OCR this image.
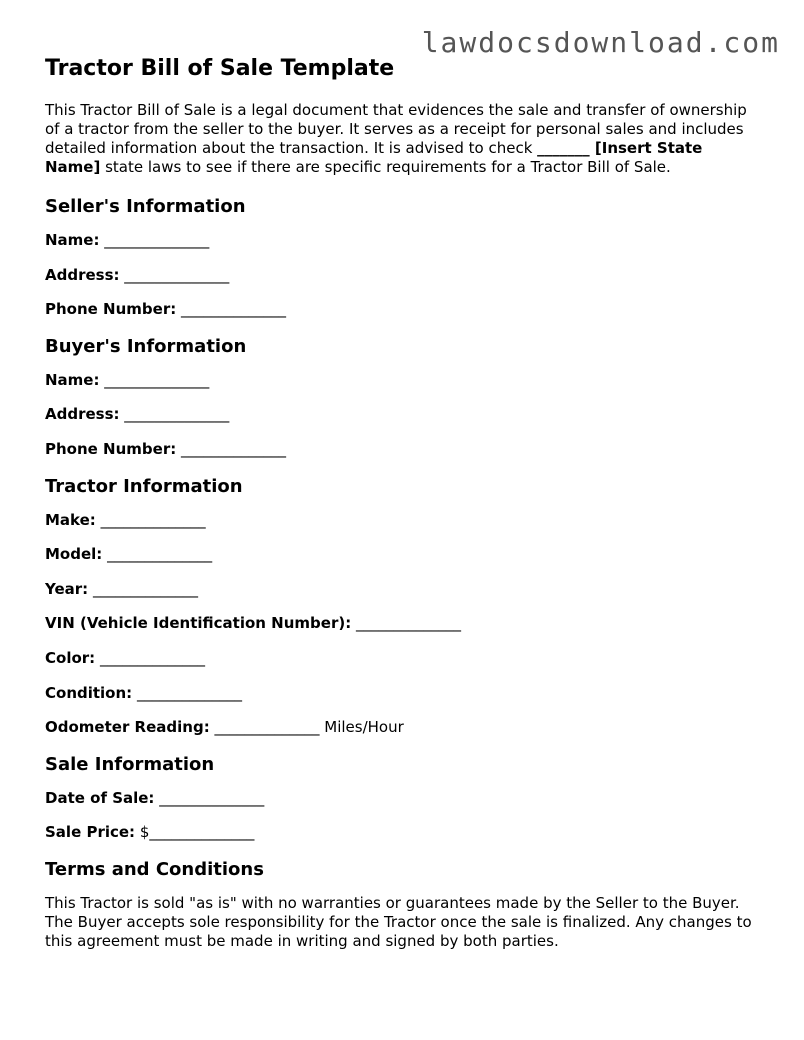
lawdocsdownload.com
Tractor Bill of Sale Template

This Tractor Bill of Sale is a legal document that evidences the sale and transfer of ownership of a tractor from the seller to the buyer. It serves as a receipt for personal sales and includes detailed information about the transaction. It is advised to check _______ [Insert State Name] state laws to see if there are specific requirements for a Tractor Bill of Sale.

Seller's Information
Name: ______________
Address: ______________
Phone Number: ______________
Buyer's Information
Name: ______________
Address: ______________
Phone Number: ______________
Tractor Information
Make: ______________
Model: ______________
Year: ______________
VIN (Vehicle Identification Number): ______________
Color: ______________
Condition: ______________
Odometer Reading: ______________ Miles/Hour
Sale Information
Date of Sale: ______________
Sale Price: $______________
Terms and Conditions

This Tractor is sold "as is" with no warranties or guarantees made by the Seller to the Buyer. The Buyer accepts sole responsibility for the Tractor once the sale is finalized. Any changes to this agreement must be made in writing and signed by both parties.
